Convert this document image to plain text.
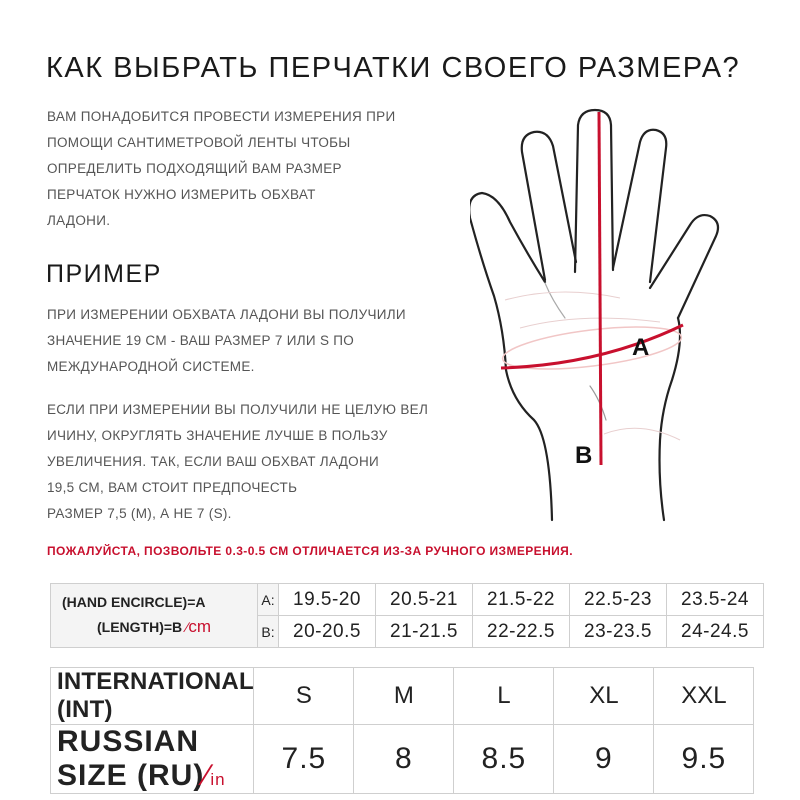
КАК ВЫБРАТЬ ПЕРЧАТКИ СВОЕГО РАЗМЕРА?
ВАМ ПОНАДОБИТСЯ ПРОВЕСТИ ИЗМЕРЕНИЯ ПРИ
ПОМОЩИ САНТИМЕТРОВОЙ ЛЕНТЫ ЧТОБЫ
ОПРЕДЕЛИТЬ ПОДХОДЯЩИЙ ВАМ РАЗМЕР
ПЕРЧАТОК НУЖНО ИЗМЕРИТЬ ОБХВАТ
ЛАДОНИ.
ПРИМЕР
ПРИ ИЗМЕРЕНИИ ОБХВАТА ЛАДОНИ ВЫ ПОЛУЧИЛИ
ЗНАЧЕНИЕ 19 СМ - ВАШ РАЗМЕР 7 ИЛИ S ПО
МЕЖДУНАРОДНОЙ СИСТЕМЕ.
ЕСЛИ ПРИ ИЗМЕРЕНИИ ВЫ ПОЛУЧИЛИ НЕ ЦЕЛУЮ ВЕЛ
ИЧИНУ, ОКРУГЛЯТЬ ЗНАЧЕНИЕ ЛУЧШЕ В ПОЛЬЗУ
УВЕЛИЧЕНИЯ. ТАК, ЕСЛИ ВАШ ОБХВАТ ЛАДОНИ
19,5 СМ, ВАМ СТОИТ ПРЕДПОЧЕСТЬ
РАЗМЕР 7,5 (M), А НЕ 7 (S).
A
B
ПОЖАЛУЙСТА, ПОЗВОЛЬТЕ 0.3-0.5 СМ ОТЛИЧАЕТСЯ ИЗ-ЗА РУЧНОГО ИЗМЕРЕНИЯ.
(HAND ENCIRCLE)=A
(LENGTH)=B ∕cm	A:	19.5-20	20.5-21	21.5-22	22.5-23	23.5-24
	B:	20-20.5	21-21.5	22-22.5	23-23.5	24-24.5
INTERNATIONAL (INT)	S	M	L	XL	XXL
RUSSIAN SIZE (RU)∕in	7.5	8	8.5	9	9.5
